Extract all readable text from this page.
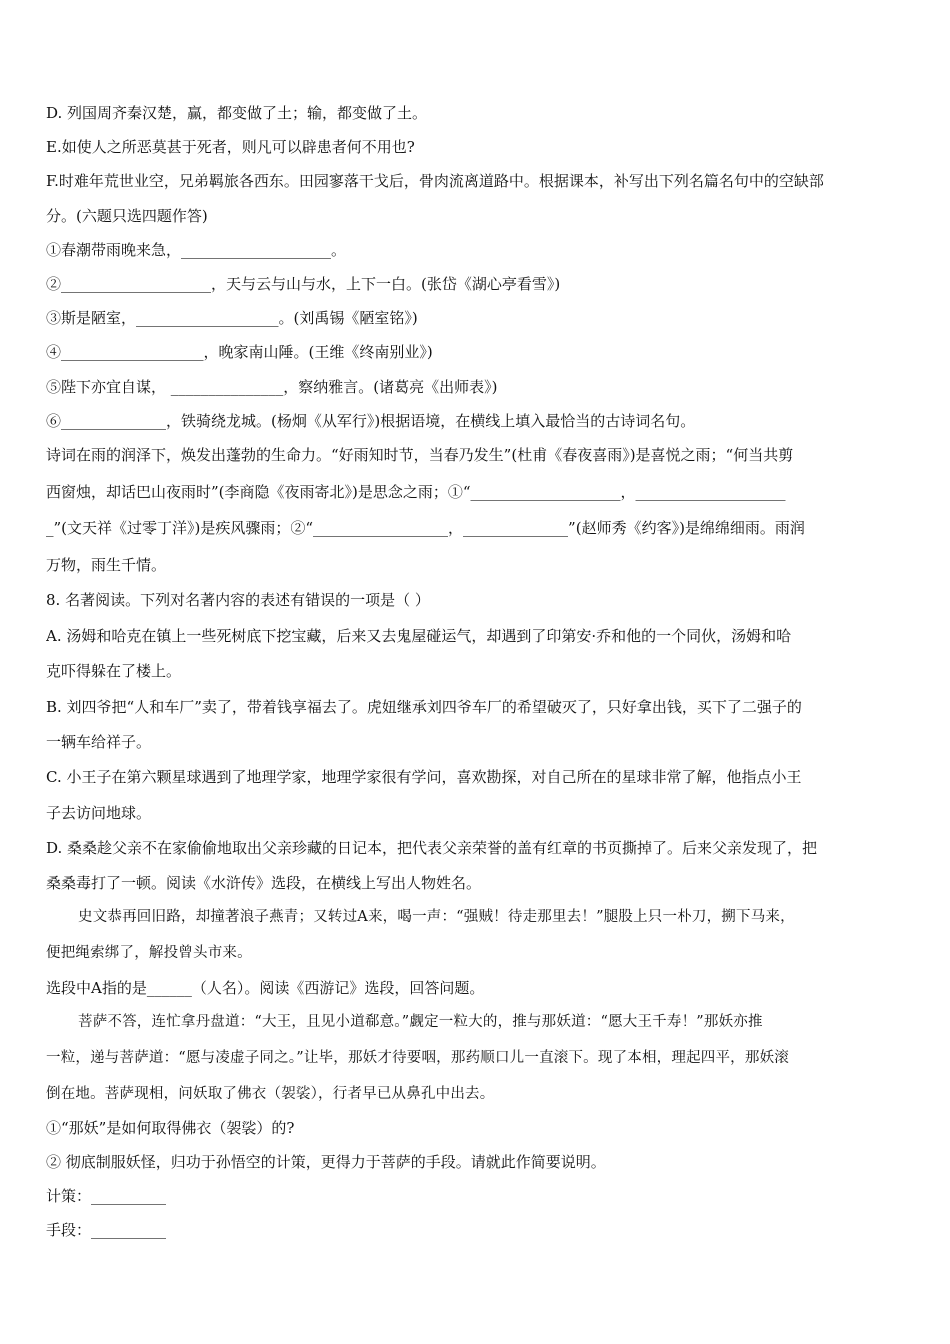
D. 列国周齐秦汉楚，赢，都变做了土；输，都变做了土。
E.如使人之所恶莫甚于死者，则凡可以辟患者何不用也?
F.时难年荒世业空，兄弟羁旅各西东。田园寥落干戈后，骨肉流离道路中。根据课本，补写出下列名篇名句中的空缺部
分。(六题只选四题作答)
①春潮带雨晚来急，____________________。
②____________________，天与云与山与水，上下一白。(张岱《湖心亭看雪》)
③斯是陋室，___________________。(刘禹锡《陋室铭》)
④___________________，晚家南山陲。(王维《终南别业》)
⑤陛下亦宜自谋， _______________，察纳雅言。(诸葛亮《出师表》)
⑥______________，铁骑绕龙城。(杨炯《从军行》)根据语境，在横线上填入最恰当的古诗词名句。
诗词在雨的润泽下，焕发出蓬勃的生命力。“好雨知时节，当春乃发生”(杜甫《春夜喜雨》)是喜悦之雨；“何当共剪
西窗烛，却话巴山夜雨时”(李商隐《夜雨寄北》)是思念之雨；①“____________________，____________________
_”(文天祥《过零丁洋》)是疾风骤雨；②“__________________，______________”(赵师秀《约客》)是绵绵细雨。雨润
万物，雨生千情。
8. 名著阅读。下列对名著内容的表述有错误的一项是（ ）
A. 汤姆和哈克在镇上一些死树底下挖宝藏，后来又去鬼屋碰运气，却遇到了印第安·乔和他的一个同伙，汤姆和哈
克吓得躲在了楼上。
B. 刘四爷把“人和车厂”卖了，带着钱享福去了。虎妞继承刘四爷车厂的希望破灭了，只好拿出钱，买下了二强子的
一辆车给祥子。
C. 小王子在第六颗星球遇到了地理学家，地理学家很有学问，喜欢勘探，对自己所在的星球非常了解，他指点小王
子去访问地球。
D. 桑桑趁父亲不在家偷偷地取出父亲珍藏的日记本，把代表父亲荣誉的盖有红章的书页撕掉了。后来父亲发现了，把
桑桑毒打了一顿。阅读《水浒传》选段，在横线上写出人物姓名。
史文恭再回旧路，却撞著浪子燕青；又转过A来，喝一声：“强贼！待走那里去！”腿股上只一朴刀，搠下马来，
便把绳索绑了，解投曾头市来。
选段中A指的是______（人名）。阅读《西游记》选段，回答问题。
菩萨不答，连忙拿丹盘道：“大王，且见小道郗意。”觑定一粒大的，推与那妖道：“愿大王千寿！”那妖亦推
一粒，递与菩萨道：“愿与凌虚子同之。”让毕，那妖才待要咽，那药顺口儿一直滚下。现了本相，理起四平，那妖滚
倒在地。菩萨现相，问妖取了佛衣（袈裟），行者早已从鼻孔中出去。
①“那妖”是如何取得佛衣（袈裟）的?
② 彻底制服妖怪，归功于孙悟空的计策，更得力于菩萨的手段。请就此作简要说明。
计策：__________
手段：__________
